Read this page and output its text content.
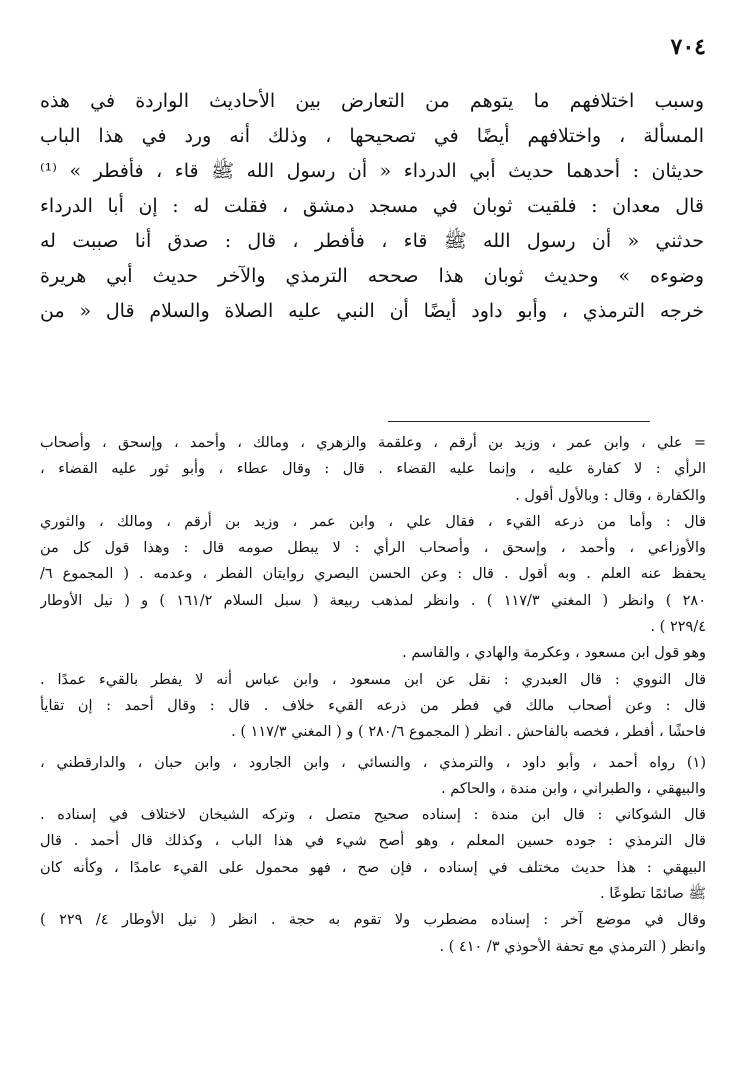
٧٠٤
وسبب اختلافهم ما يتوهم من التعارض بين الأحاديث الواردة في هذه
المسألة ، واختلافهم أيضًا في تصحيحها ، وذلك أنه ورد في هذا الباب
حديثان : أحدهما حديث أبي الدرداء « أن رسول الله ﷺ قاء ، فأفطر » ⁽¹⁾
قال معدان : فلقيت ثوبان في مسجد دمشق ، فقلت له : إن أبا الدرداء
حدثني « أن رسول الله ﷺ قاء ، فأفطر ، قال : صدق أنا صببت له
وضوءه » وحديث ثوبان هذا صححه الترمذي والآخر حديث أبي هريرة
خرجه الترمذي ، وأبو داود أيضًا أن النبي عليه الصلاة والسلام قال « من
= علي ، وابن عمر ، وزيد بن أرقم ، وعلقمة والزهري ، ومالك ، وأحمد ، وإسحق ، وأصحاب
الرأي : لا كفارة عليه ، وإنما عليه القضاء . قال : وقال عطاء ، وأبو ثور عليه القضاء ،
والكفارة ، وقال : وبالأول أقول .
قال : وأما من ذرعه القيء ، فقال علي ، وابن عمر ، وزيد بن أرقم ، ومالك ، والثوري
والأوزاعي ، وأحمد ، وإسحق ، وأصحاب الرأي : لا يبطل صومه قال : وهذا قول كل من
يحفظ عنه العلم . وبه أقول . قال : وعن الحسن البصري روايتان الفطر ، وعدمه . ( المجموع ٦/
٢٨٠ ) وانظر ( المغني ١١٧/٣ ) . وانظر لمذهب ربيعة ( سبل السلام ١٦١/٢ ) و ( نيل الأوطار
٢٢٩/٤ ) .
وهو قول ابن مسعود ، وعكرمة والهادي ، والقاسم .
قال النووي : قال العبدري : نقل عن ابن مسعود ، وابن عباس أنه لا يفطر بالقيء عمدًا .
قال : وعن أصحاب مالك في فطر من ذرعه القيء خلاف . قال : وقال أحمد : إن تقايأ
فاحشًا ، أفطر ، فخصه بالفاحش . انظر ( المجموع ٢٨٠/٦ ) و ( المغني ١١٧/٣ ) .
(١) رواه أحمد ، وأبو داود ، والترمذي ، والنسائي ، وابن الجارود ، وابن حبان ، والدارقطني ،
والبيهقي ، والطبراني ، وابن مندة ، والحاكم .
قال الشوكاني : قال ابن مندة : إسناده صحيح متصل ، وتركه الشيخان لاختلاف في إسناده .
قال الترمذي : جوده حسين المعلم ، وهو أصح شيء في هذا الباب ، وكذلك قال أحمد . قال
البيهقي : هذا حديث مختلف في إسناده ، فإن صح ، فهو محمول على القيء عامدًا ، وكأنه كان
ﷺ صائمًا تطوعًا .
وقال في موضع آخر : إسناده مضطرب ولا تقوم به حجة . انظر ( نيل الأوطار ٤/ ٢٢٩ )
وانظر ( الترمذي مع تحفة الأحوذي ٣/ ٤١٠ ) .
